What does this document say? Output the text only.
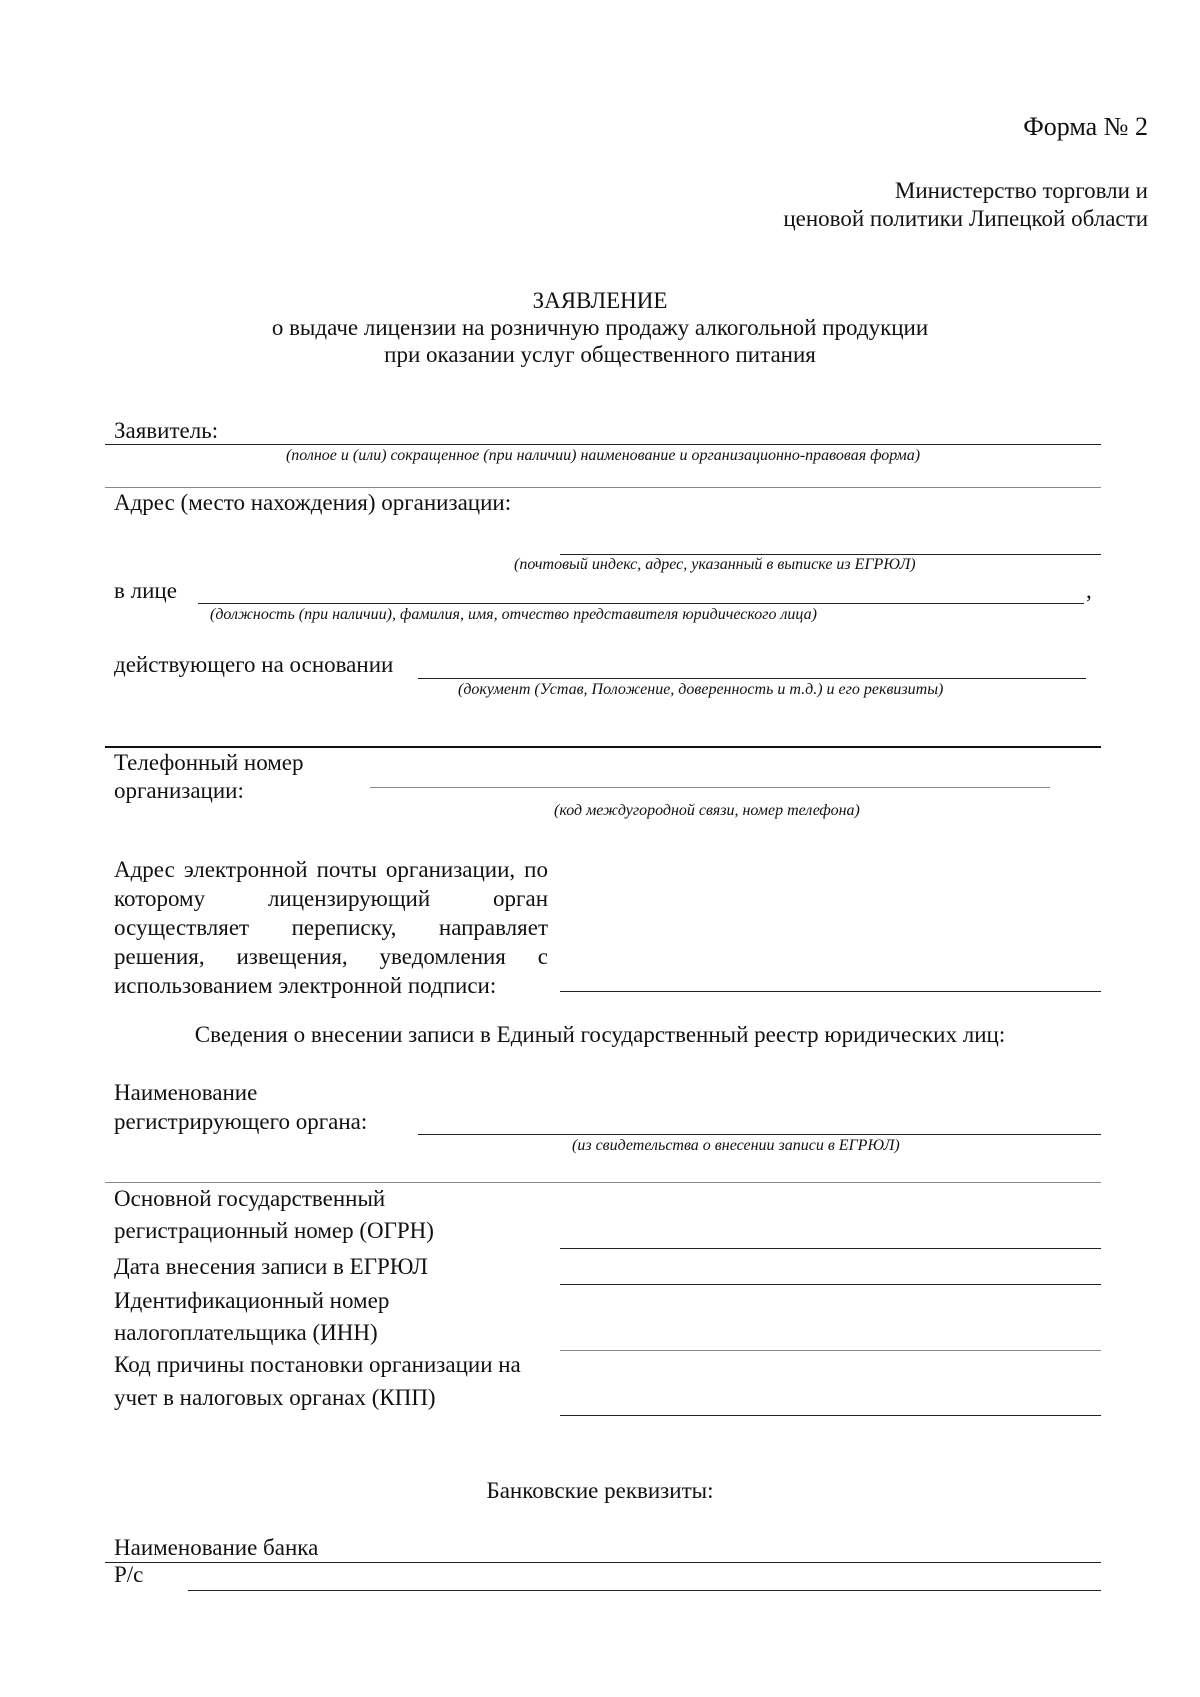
Форма № 2
Министерство торговли и
ценовой политики Липецкой области
ЗАЯВЛЕНИЕ
о выдаче лицензии на розничную продажу алкогольной продукции
при оказании услуг общественного питания
Заявитель:
(полное и (или) сокращенное (при наличии) наименование и организационно-правовая форма)
Адрес (место нахождения) организации:
(почтовый индекс, адрес, указанный в выписке из ЕГРЮЛ)
в лице	,
(должность (при наличии), фамилия, имя, отчество представителя юридического лица)
действующего на основании
(документ (Устав, Положение, доверенность и т.д.) и его реквизиты)
Телефонный номер
организации:
(код междугородной связи, номер телефона)
Адрес электронной почты организации, по которому лицензирующий орган осуществляет переписку, направляет решения, извещения, уведомления с использованием электронной подписи:
Сведения о внесении записи в Единый государственный реестр юридических лиц:
Наименование
регистрирующего органа:
(из свидетельства о внесении записи в ЕГРЮЛ)
Основной государственный
регистрационный номер (ОГРН)
Дата внесения записи в ЕГРЮЛ
Идентификационный номер
налогоплательщика (ИНН)
Код причины постановки организации на
учет в налоговых органах (КПП)
Банковские реквизиты:
Наименование банка
Р/с
